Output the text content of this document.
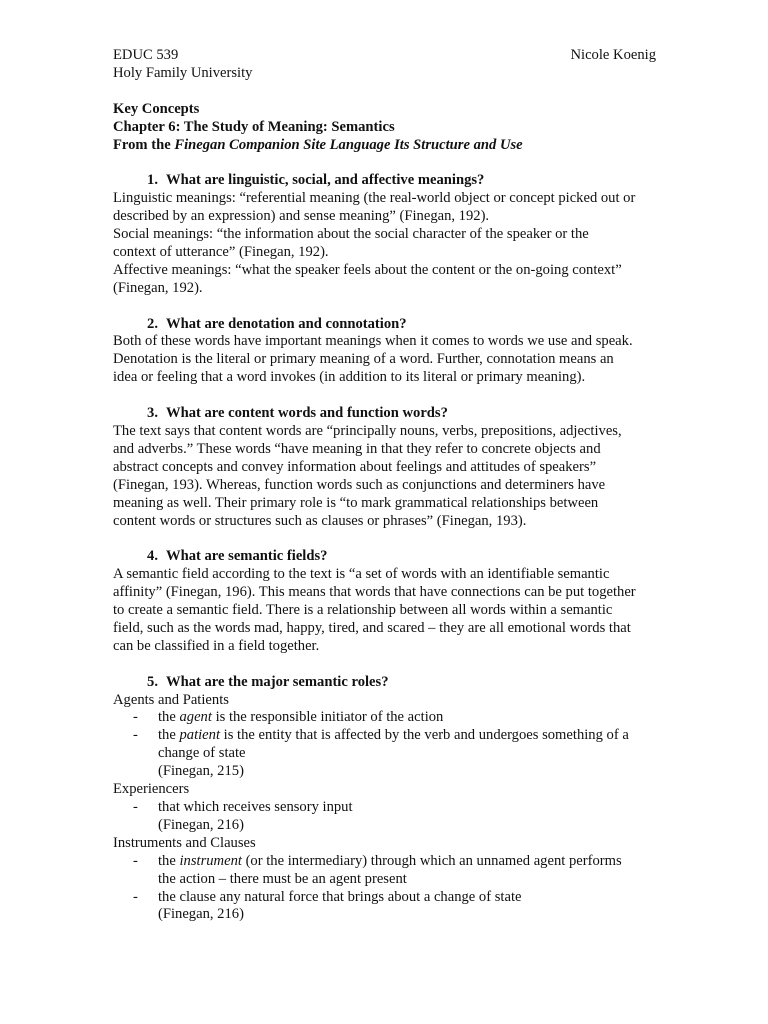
EDUC 539	Nicole Koenig
Holy Family University
Key Concepts
Chapter 6: The Study of Meaning: Semantics
From the Finegan Companion Site Language Its Structure and Use
1. What are linguistic, social, and affective meanings?
Linguistic meanings: “referential meaning (the real-world object or concept picked out or
described by an expression) and sense meaning” (Finegan, 192).
Social meanings: “the information about the social character of the speaker or the
context of utterance” (Finegan, 192).
Affective meanings: “what the speaker feels about the content or the on-going context”
(Finegan, 192).
2. What are denotation and connotation?
Both of these words have important meanings when it comes to words we use and speak.
Denotation is the literal or primary meaning of a word. Further, connotation means an
idea or feeling that a word invokes (in addition to its literal or primary meaning).
3. What are content words and function words?
The text says that content words are “principally nouns, verbs, prepositions, adjectives,
and adverbs.” These words “have meaning in that they refer to concrete objects and
abstract concepts and convey information about feelings and attitudes of speakers”
(Finegan, 193). Whereas, function words such as conjunctions and determiners have
meaning as well. Their primary role is “to mark grammatical relationships between
content words or structures such as clauses or phrases” (Finegan, 193).
4. What are semantic fields?
A semantic field according to the text is “a set of words with an identifiable semantic
affinity” (Finegan, 196). This means that words that have connections can be put together
to create a semantic field. There is a relationship between all words within a semantic
field, such as the words mad, happy, tired, and scared – they are all emotional words that
can be classified in a field together.
5. What are the major semantic roles?
Agents and Patients
-	the agent is the responsible initiator of the action
-	the patient is the entity that is affected by the verb and undergoes something of a
change of state
(Finegan, 215)
Experiencers
-	that which receives sensory input
(Finegan, 216)
Instruments and Clauses
-	the instrument (or the intermediary) through which an unnamed agent performs
the action – there must be an agent present
-	the clause any natural force that brings about a change of state
(Finegan, 216)
